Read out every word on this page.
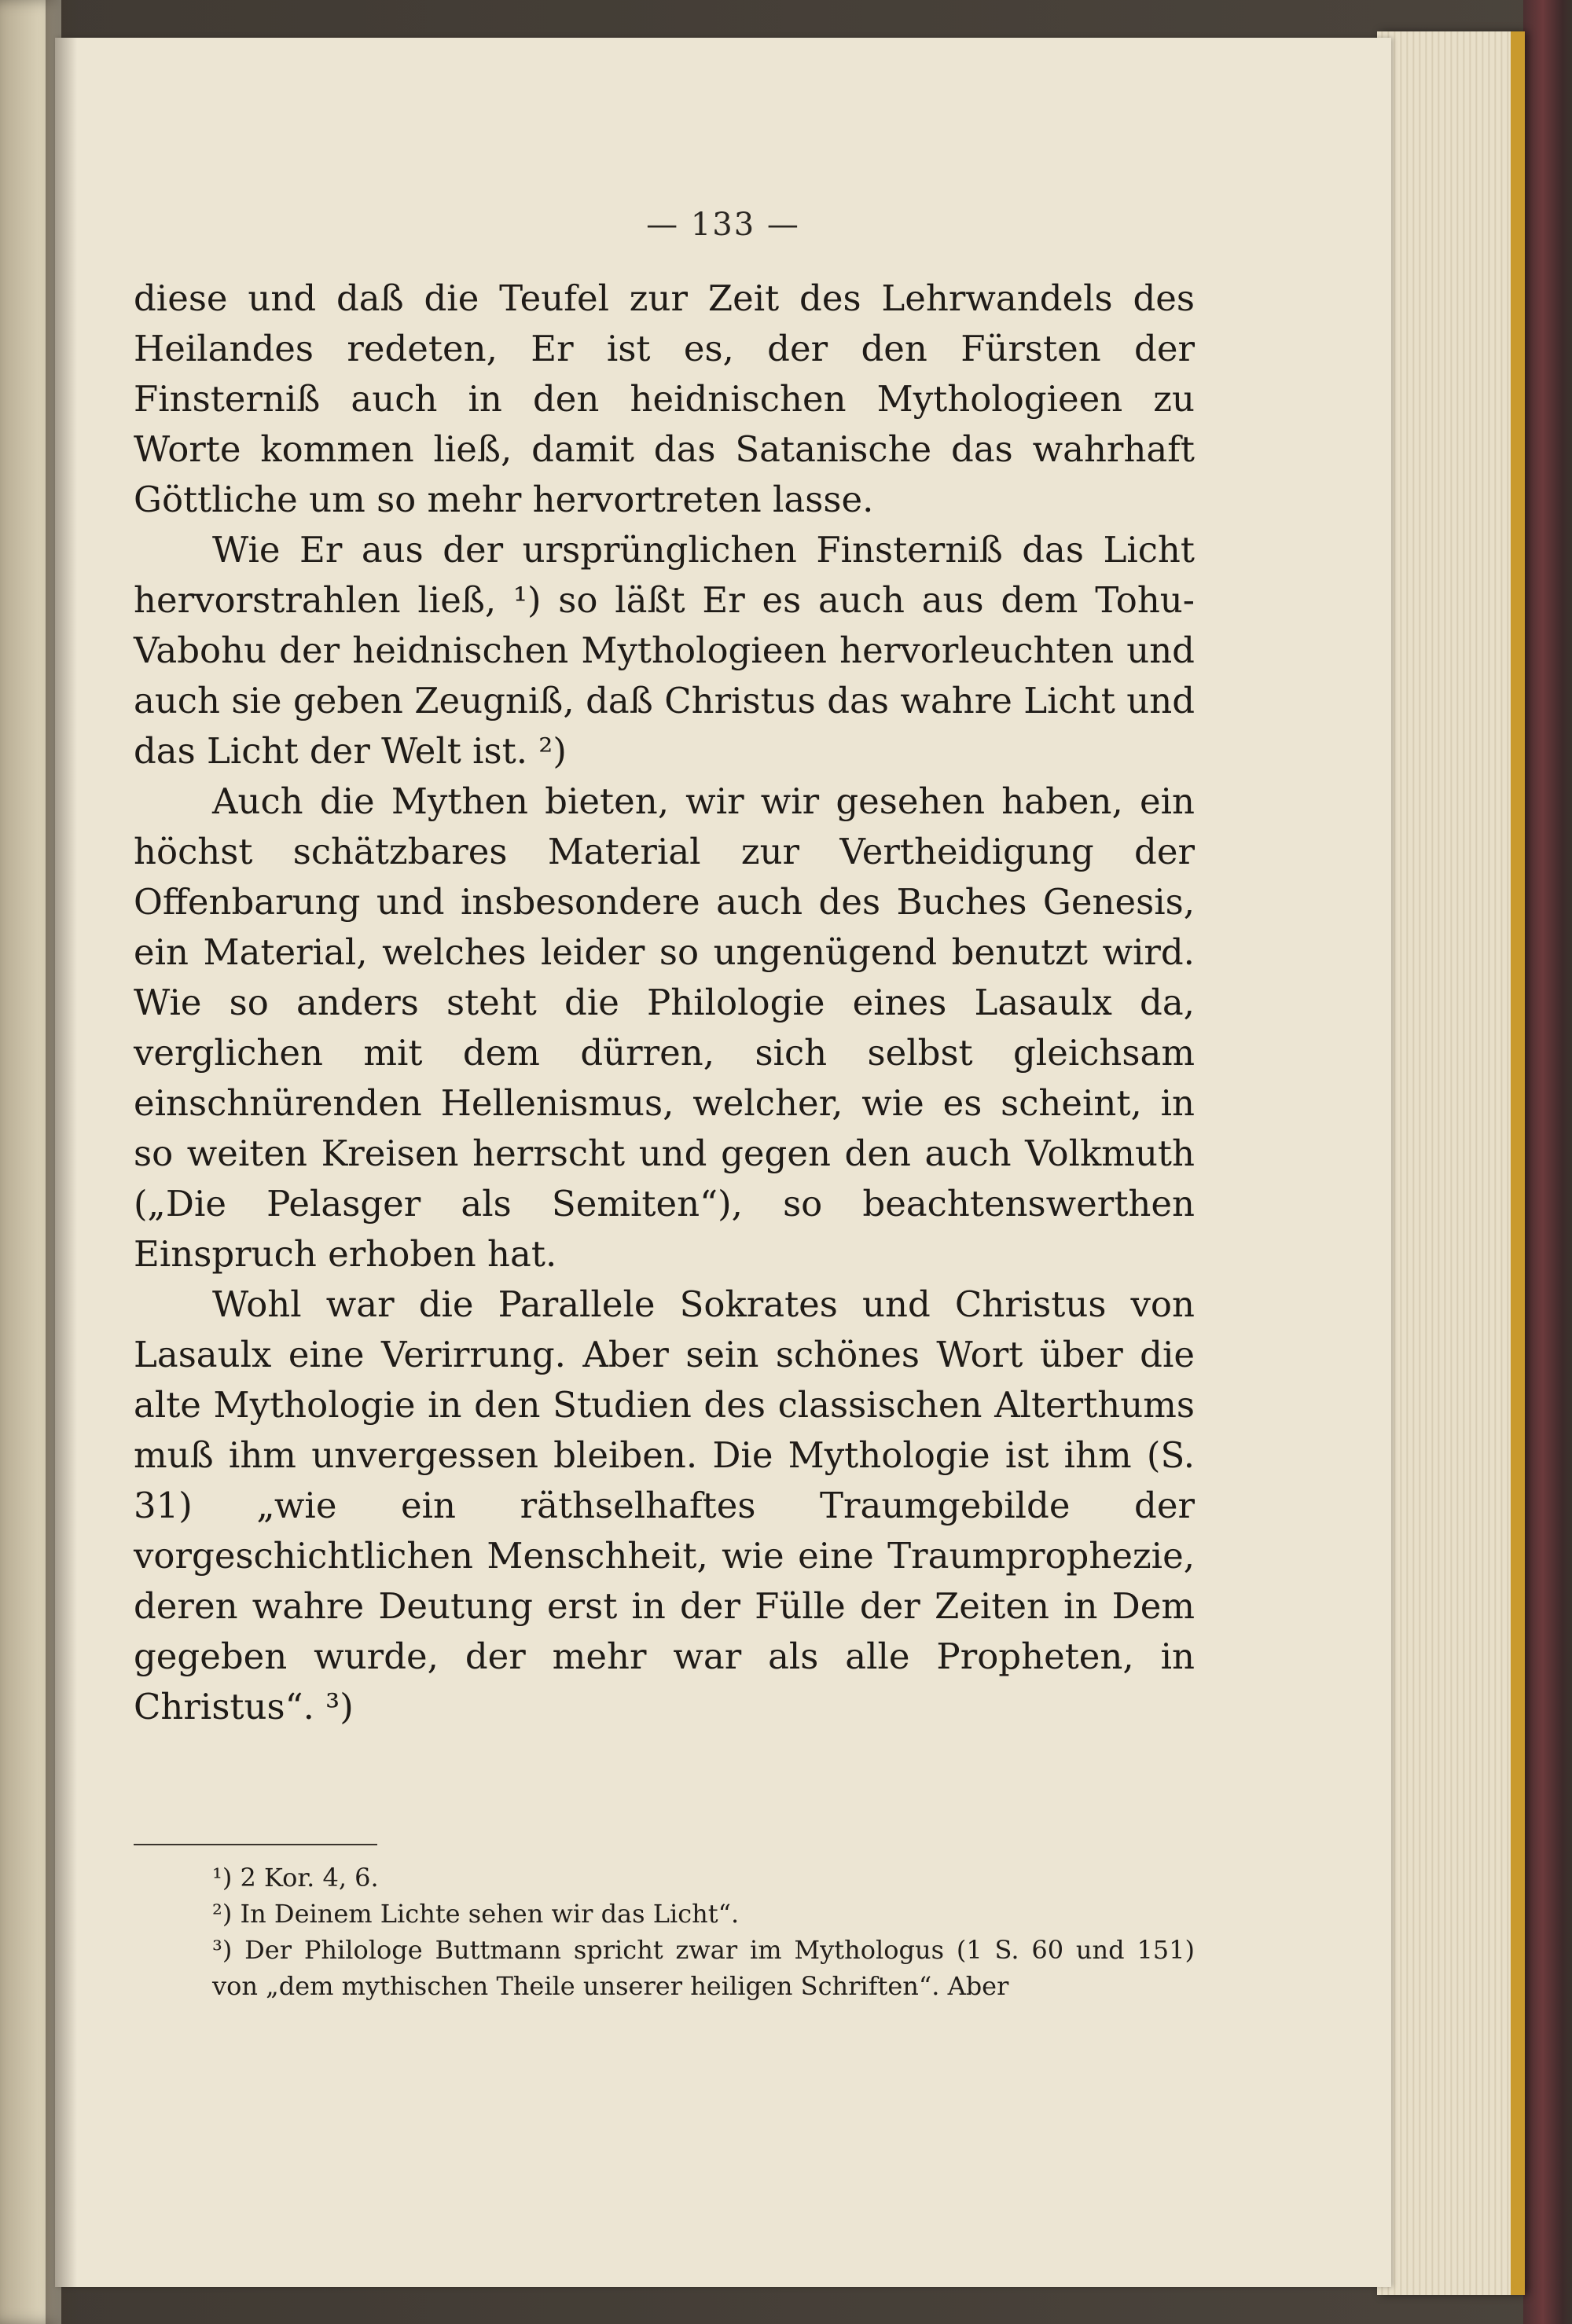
— 133 —

diese und daß die Teufel zur Zeit des Lehrwandels des Heilandes redeten, Er ist es, der den Fürsten der Finsterniß auch in den heidnischen Mythologieen zu Worte kommen ließ, damit das Satanische das wahrhaft Göttliche um so mehr hervortreten lasse.

Wie Er aus der ursprünglichen Finsterniß das Licht hervorstrahlen ließ, ¹) so läßt Er es auch aus dem Tohu-Vabohu der heidnischen Mythologieen hervorleuchten und auch sie geben Zeugniß, daß Christus das wahre Licht und das Licht der Welt ist. ²)

Auch die Mythen bieten, wir wir gesehen haben, ein höchst schätzbares Material zur Vertheidigung der Offenbarung und insbesondere auch des Buches Genesis, ein Material, welches leider so ungenügend benutzt wird. Wie so anders steht die Philologie eines Lasaulx da, verglichen mit dem dürren, sich selbst gleichsam einschnürenden Hellenismus, welcher, wie es scheint, in so weiten Kreisen herrscht und gegen den auch Volkmuth („Die Pelasger als Semiten“), so beachtenswerthen Einspruch erhoben hat.

Wohl war die Parallele Sokrates und Christus von Lasaulx eine Verirrung. Aber sein schönes Wort über die alte Mythologie in den Studien des classischen Alterthums muß ihm unvergessen bleiben. Die Mythologie ist ihm (S. 31) „wie ein räthselhaftes Traumgebilde der vorgeschichtlichen Menschheit, wie eine Traumprophezie, deren wahre Deutung erst in der Fülle der Zeiten in Dem gegeben wurde, der mehr war als alle Propheten, in Christus“. ³)

¹) 2 Kor. 4, 6.

²) In Deinem Lichte sehen wir das Licht“.

³) Der Philologe Buttmann spricht zwar im Mythologus (1 S. 60 und 151) von „dem mythischen Theile unserer heiligen Schriften“. Aber
